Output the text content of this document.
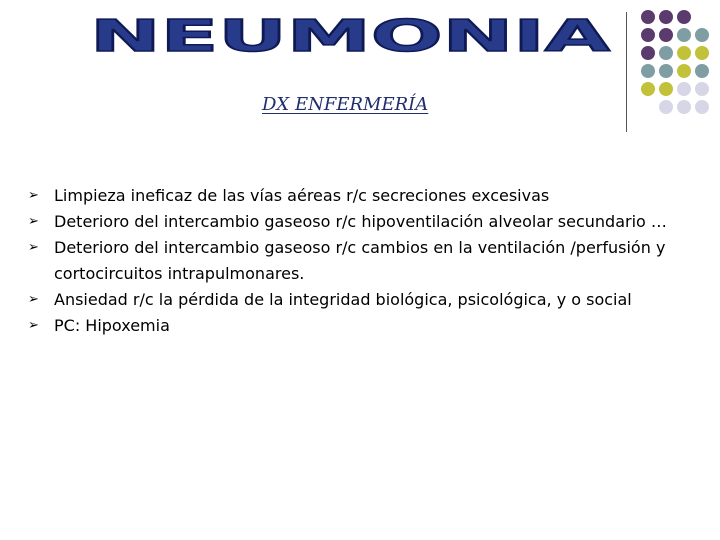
NEUMONIA
DX ENFERMERÍA
➢ Limpieza ineficaz de las vías aéreas r/c secreciones excesivas
➢ Deterioro del intercambio gaseoso r/c hipoventilación alveolar secundario …
➢ Deterioro del intercambio gaseoso r/c cambios en la ventilación /perfusión y cortocircuitos intrapulmonares.
➢ Ansiedad r/c la pérdida de la integridad biológica, psicológica, y o social
➢ PC: Hipoxemia
